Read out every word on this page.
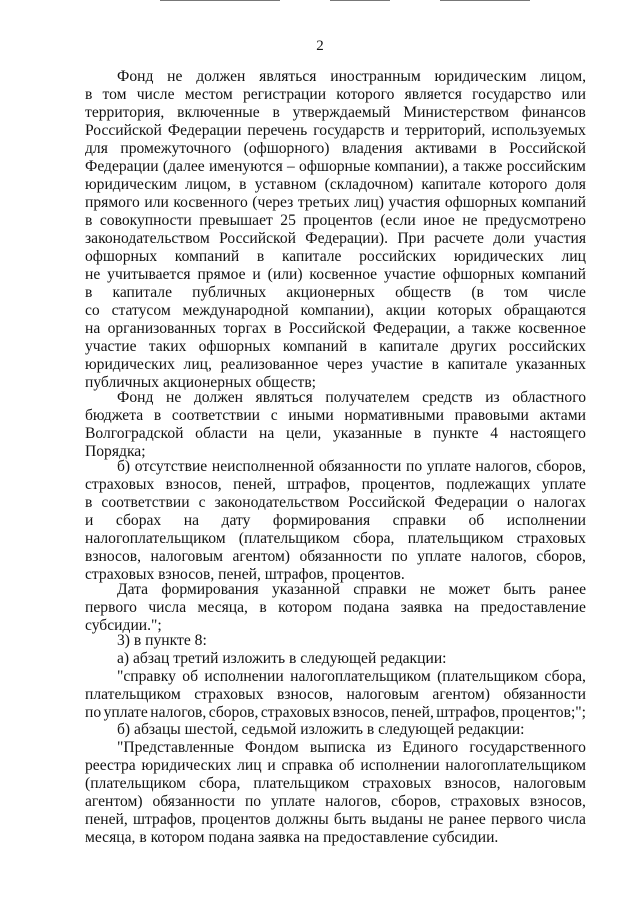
2
Фонд не должен являться иностранным юридическим лицом,
в том числе местом регистрации которого является государство или
территория, включенные в утверждаемый Министерством финансов
Российской Федерации перечень государств и территорий, используемых
для промежуточного (офшорного) владения активами в Российской
Федерации (далее именуются – офшорные компании), а также российским
юридическим лицом, в уставном (складочном) капитале которого доля
прямого или косвенного (через третьих лиц) участия офшорных компаний
в совокупности превышает 25 процентов (если иное не предусмотрено
законодательством Российской Федерации). При расчете доли участия
офшорных компаний в капитале российских юридических лиц
не учитывается прямое и (или) косвенное участие офшорных компаний
в капитале публичных акционерных обществ (в том числе
со статусом международной компании), акции которых обращаются
на организованных торгах в Российской Федерации, а также косвенное
участие таких офшорных компаний в капитале других российских
юридических лиц, реализованное через участие в капитале указанных
публичных акционерных обществ;
Фонд не должен являться получателем средств из областного
бюджета в соответствии с иными нормативными правовыми актами
Волгоградской области на цели, указанные в пункте 4 настоящего
Порядка;
б) отсутствие неисполненной обязанности по уплате налогов, сборов,
страховых взносов, пеней, штрафов, процентов, подлежащих уплате
в соответствии с законодательством Российской Федерации о налогах
и сборах на дату формирования справки об исполнении
налогоплательщиком (плательщиком сбора, плательщиком страховых
взносов, налоговым агентом) обязанности по уплате налогов, сборов,
страховых взносов, пеней, штрафов, процентов.
Дата формирования указанной справки не может быть ранее
первого числа месяца, в котором подана заявка на предоставление
субсидии.";
3) в пункте 8:
а) абзац третий изложить в следующей редакции:
"справку об исполнении налогоплательщиком (плательщиком сбора,
плательщиком страховых взносов, налоговым агентом) обязанности
по уплате налогов, сборов, страховых взносов, пеней, штрафов, процентов;";
б) абзацы шестой, седьмой изложить в следующей редакции:
"Представленные Фондом выписка из Единого государственного
реестра юридических лиц и справка об исполнении налогоплательщиком
(плательщиком сбора, плательщиком страховых взносов, налоговым
агентом) обязанности по уплате налогов, сборов, страховых взносов,
пеней, штрафов, процентов должны быть выданы не ранее первого числа
месяца, в котором подана заявка на предоставление субсидии.
